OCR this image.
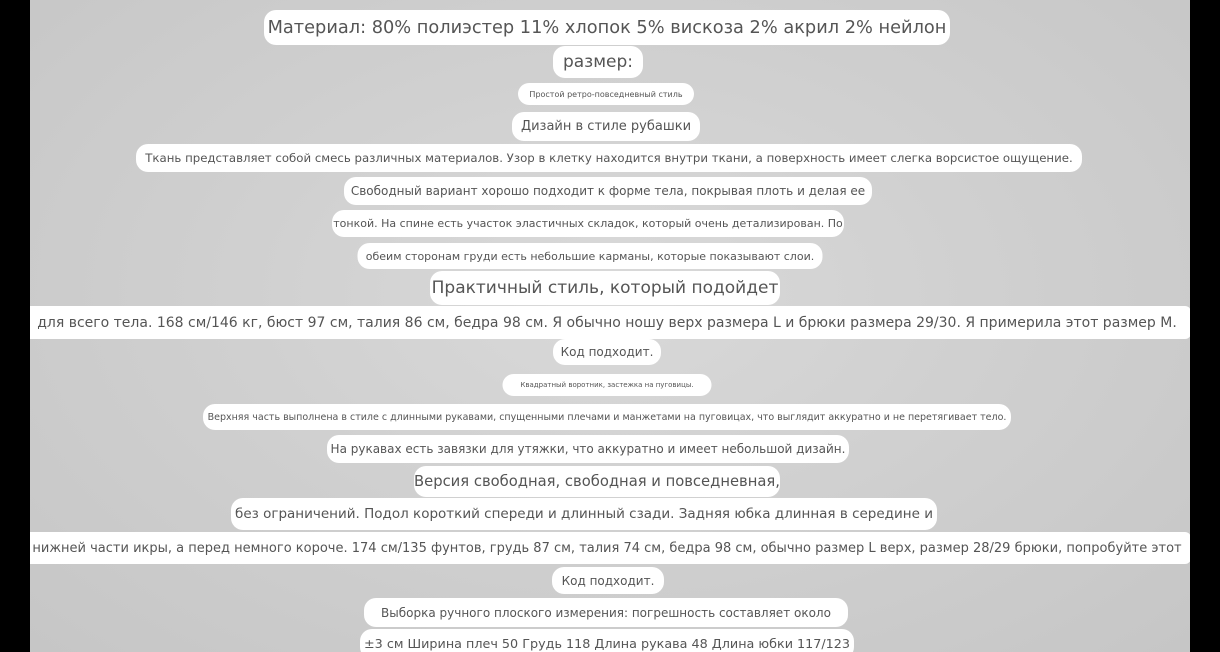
Материал: 80% полиэстер 11% хлопок 5% вискоза 2% акрил 2% нейлон
размер:
Простой ретро-повседневный стиль
Дизайн в стиле рубашки
Ткань представляет собой смесь различных материалов. Узор в клетку находится внутри ткани, а поверхность имеет слегка ворсистое ощущение.
Свободный вариант хорошо подходит к форме тела, покрывая плоть и делая ее
тонкой. На спине есть участок эластичных складок, который очень детализирован. По
обеим сторонам груди есть небольшие карманы, которые показывают слои.
Практичный стиль, который подойдет
для всего тела. 168 см/146 кг, бюст 97 см, талия 86 см, бедра 98 см. Я обычно ношу верх размера L и брюки размера 29/30. Я примерила этот размер M.
Код подходит.
Квадратный воротник, застежка на пуговицы.
Верхняя часть выполнена в стиле с длинными рукавами, спущенными плечами и манжетами на пуговицах, что выглядит аккуратно и не перетягивает тело.
На рукавах есть завязки для утяжки, что аккуратно и имеет небольшой дизайн.
Версия свободная, свободная и повседневная,
без ограничений. Подол короткий спереди и длинный сзади. Задняя юбка длинная в середине и
нижней части икры, а перед немного короче. 174 см/135 фунтов, грудь 87 см, талия 74 см, бедра 98 см, обычно размер L верх, размер 28/29 брюки, попробуйте этот
Код подходит.
Выборка ручного плоского измерения: погрешность составляет около
±3 см Ширина плеч 50 Грудь 118 Длина рукава 48 Длина юбки 117/123
